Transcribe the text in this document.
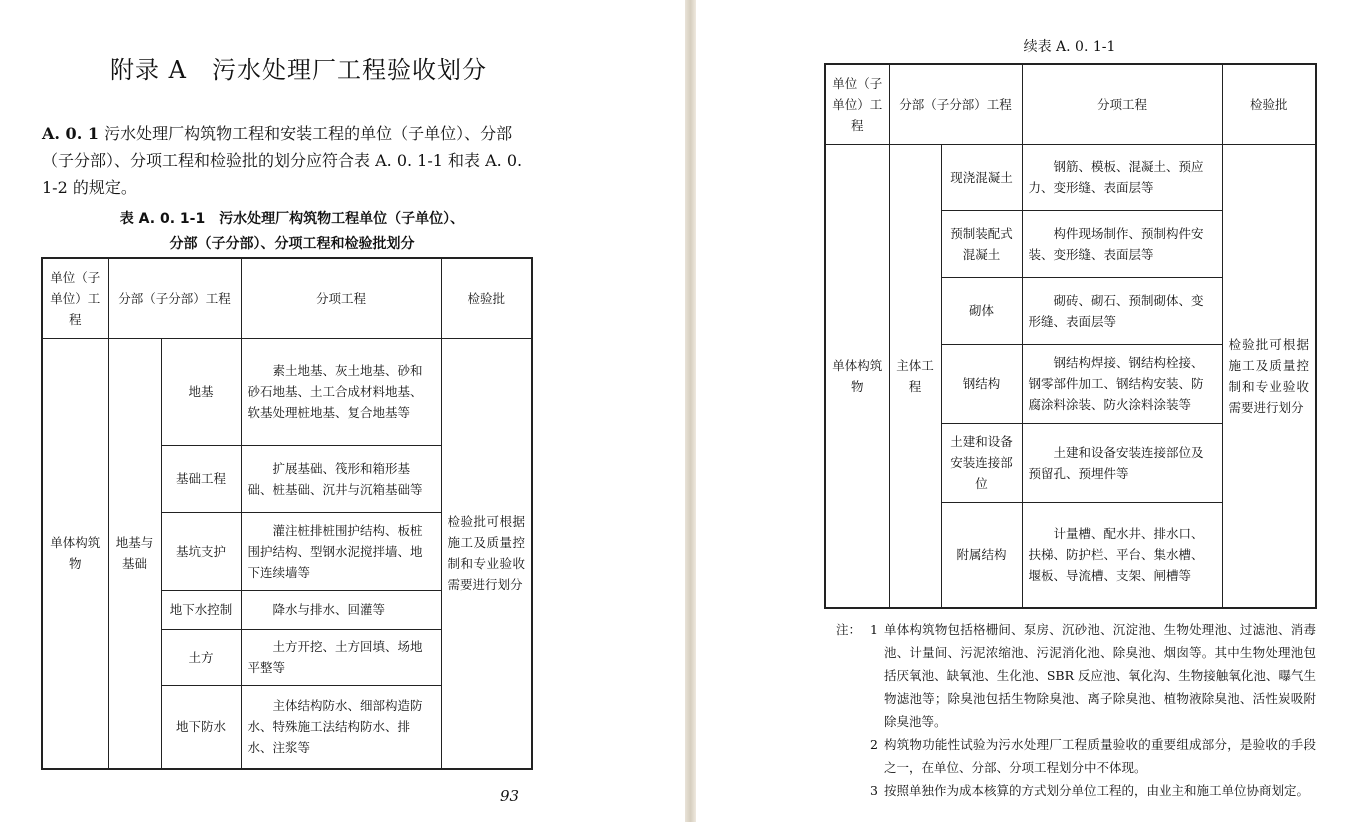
附录 A　污水处理厂工程验收划分
A. 0. 1 污水处理厂构筑物工程和安装工程的单位（子单位）、分部（子分部）、分项工程和检验批的划分应符合表 A. 0. 1-1 和表 A. 0. 1-2 的规定。
表 A. 0. 1-1　污水处理厂构筑物工程单位（子单位）、
分部（子分部）、分项工程和检验批划分
93
单位（子单位）工程	分部（子分部）工程		分项工程	检验批
单体构筑物	地基与基础	地基	素土地基、灰土地基、砂和砂石地基、土工合成材料地基、软基处理桩地基、复合地基等	检验批可根据施工及质量控制和专业验收需要进行划分
		基础工程	扩展基础、筏形和箱形基础、桩基础、沉井与沉箱基础等	
		基坑支护	灌注桩排桩围护结构、板桩围护结构、型钢水泥搅拌墙、地下连续墙等	
		地下水控制	降水与排水、回灌等	
		土方	土方开挖、土方回填、场地平整等	
		地下防水	主体结构防水、细部构造防水、特殊施工法结构防水、排水、注浆等	
续表 A. 0. 1-1
单位（子单位）工程	分部（子分部）工程		分项工程	检验批
单体构筑物	主体工程	现浇混凝土	钢筋、模板、混凝土、预应力、变形缝、表面层等	检验批可根据施工及质量控制和专业验收需要进行划分
		预制装配式混凝土	构件现场制作、预制构件安装、变形缝、表面层等	
		砌体	砌砖、砌石、预制砌体、变形缝、表面层等	
		钢结构	钢结构焊接、钢结构栓接、钢零部件加工、钢结构安装、防腐涂料涂装、防火涂料涂装等	
		土建和设备安装连接部位	土建和设备安装连接部位及预留孔、预埋件等	
		附属结构	计量槽、配水井、排水口、扶梯、防护栏、平台、集水槽、堰板、导流槽、支架、闸槽等	
注： 1 单体构筑物包括格栅间、泵房、沉砂池、沉淀池、生物处理池、过滤池、消毒池、计量间、污泥浓缩池、污泥消化池、除臭池、烟囱等。其中生物处理池包括厌氧池、缺氧池、生化池、SBR 反应池、氧化沟、生物接触氧化池、曝气生物滤池等；除臭池包括生物除臭池、离子除臭池、植物液除臭池、活性炭吸附除臭池等。
2 构筑物功能性试验为污水处理厂工程质量验收的重要组成部分，是验收的手段之一，在单位、分部、分项工程划分中不体现。
3 按照单独作为成本核算的方式划分单位工程的，由业主和施工单位协商划定。
